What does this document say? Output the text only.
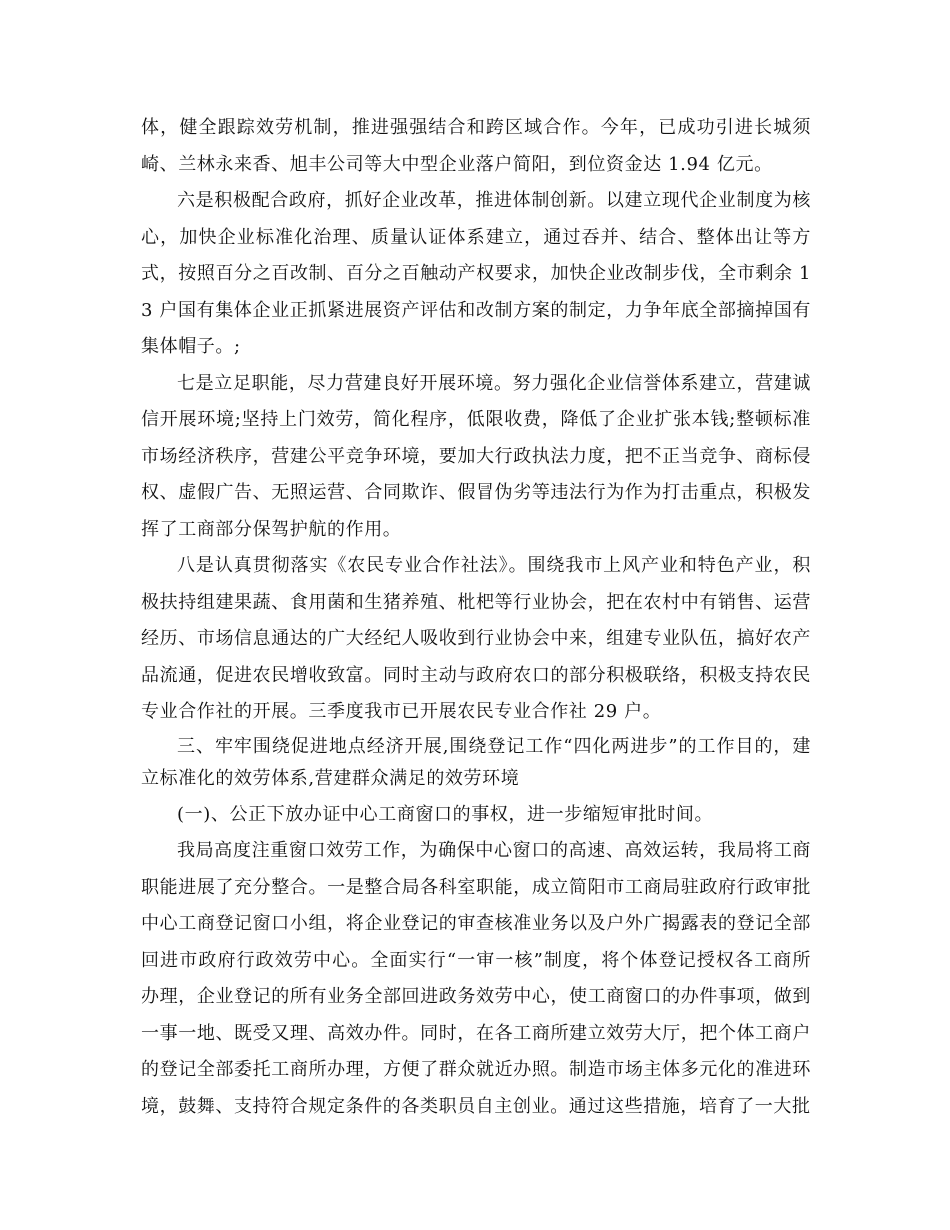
体，健全跟踪效劳机制，推进强强结合和跨区域合作。今年，已成功引进长城须崎、兰林永来香、旭丰公司等大中型企业落户简阳，到位资金达 1.94 亿元。

六是积极配合政府，抓好企业改革，推进体制创新。以建立现代企业制度为核心，加快企业标准化治理、质量认证体系建立，通过吞并、结合、整体出让等方式，按照百分之百改制、百分之百触动产权要求，加快企业改制步伐，全市剩余 13 户国有集体企业正抓紧进展资产评估和改制方案的制定，力争年底全部摘掉国有集体帽子。;

七是立足职能，尽力营建良好开展环境。努力强化企业信誉体系建立，营建诚信开展环境;坚持上门效劳，简化程序，低限收费，降低了企业扩张本钱;整顿标准市场经济秩序，营建公平竞争环境，要加大行政执法力度，把不正当竞争、商标侵权、虚假广告、无照运营、合同欺诈、假冒伪劣等违法行为作为打击重点，积极发挥了工商部分保驾护航的作用。

八是认真贯彻落实《农民专业合作社法》。围绕我市上风产业和特色产业，积极扶持组建果蔬、食用菌和生猪养殖、枇杷等行业协会，把在农村中有销售、运营经历、市场信息通达的广大经纪人吸收到行业协会中来，组建专业队伍，搞好农产品流通，促进农民增收致富。同时主动与政府农口的部分积极联络，积极支持农民专业合作社的开展。三季度我市已开展农民专业合作社 29 户。

三、牢牢围绕促进地点经济开展,围绕登记工作“四化两进步”的工作目的，建立标准化的效劳体系,营建群众满足的效劳环境

(一)、公正下放办证中心工商窗口的事权，进一步缩短审批时间。

我局高度注重窗口效劳工作，为确保中心窗口的高速、高效运转，我局将工商职能进展了充分整合。一是整合局各科室职能，成立简阳市工商局驻政府行政审批中心工商登记窗口小组，将企业登记的审查核准业务以及户外广揭露表的登记全部回进市政府行政效劳中心。全面实行“一审一核”制度，将个体登记授权各工商所办理，企业登记的所有业务全部回进政务效劳中心，使工商窗口的办件事项，做到一事一地、既受又理、高效办件。同时，在各工商所建立效劳大厅，把个体工商户的登记全部委托工商所办理，方便了群众就近办照。制造市场主体多元化的准进环境，鼓舞、支持符合规定条件的各类职员自主创业。通过这些措施，培育了一大批
